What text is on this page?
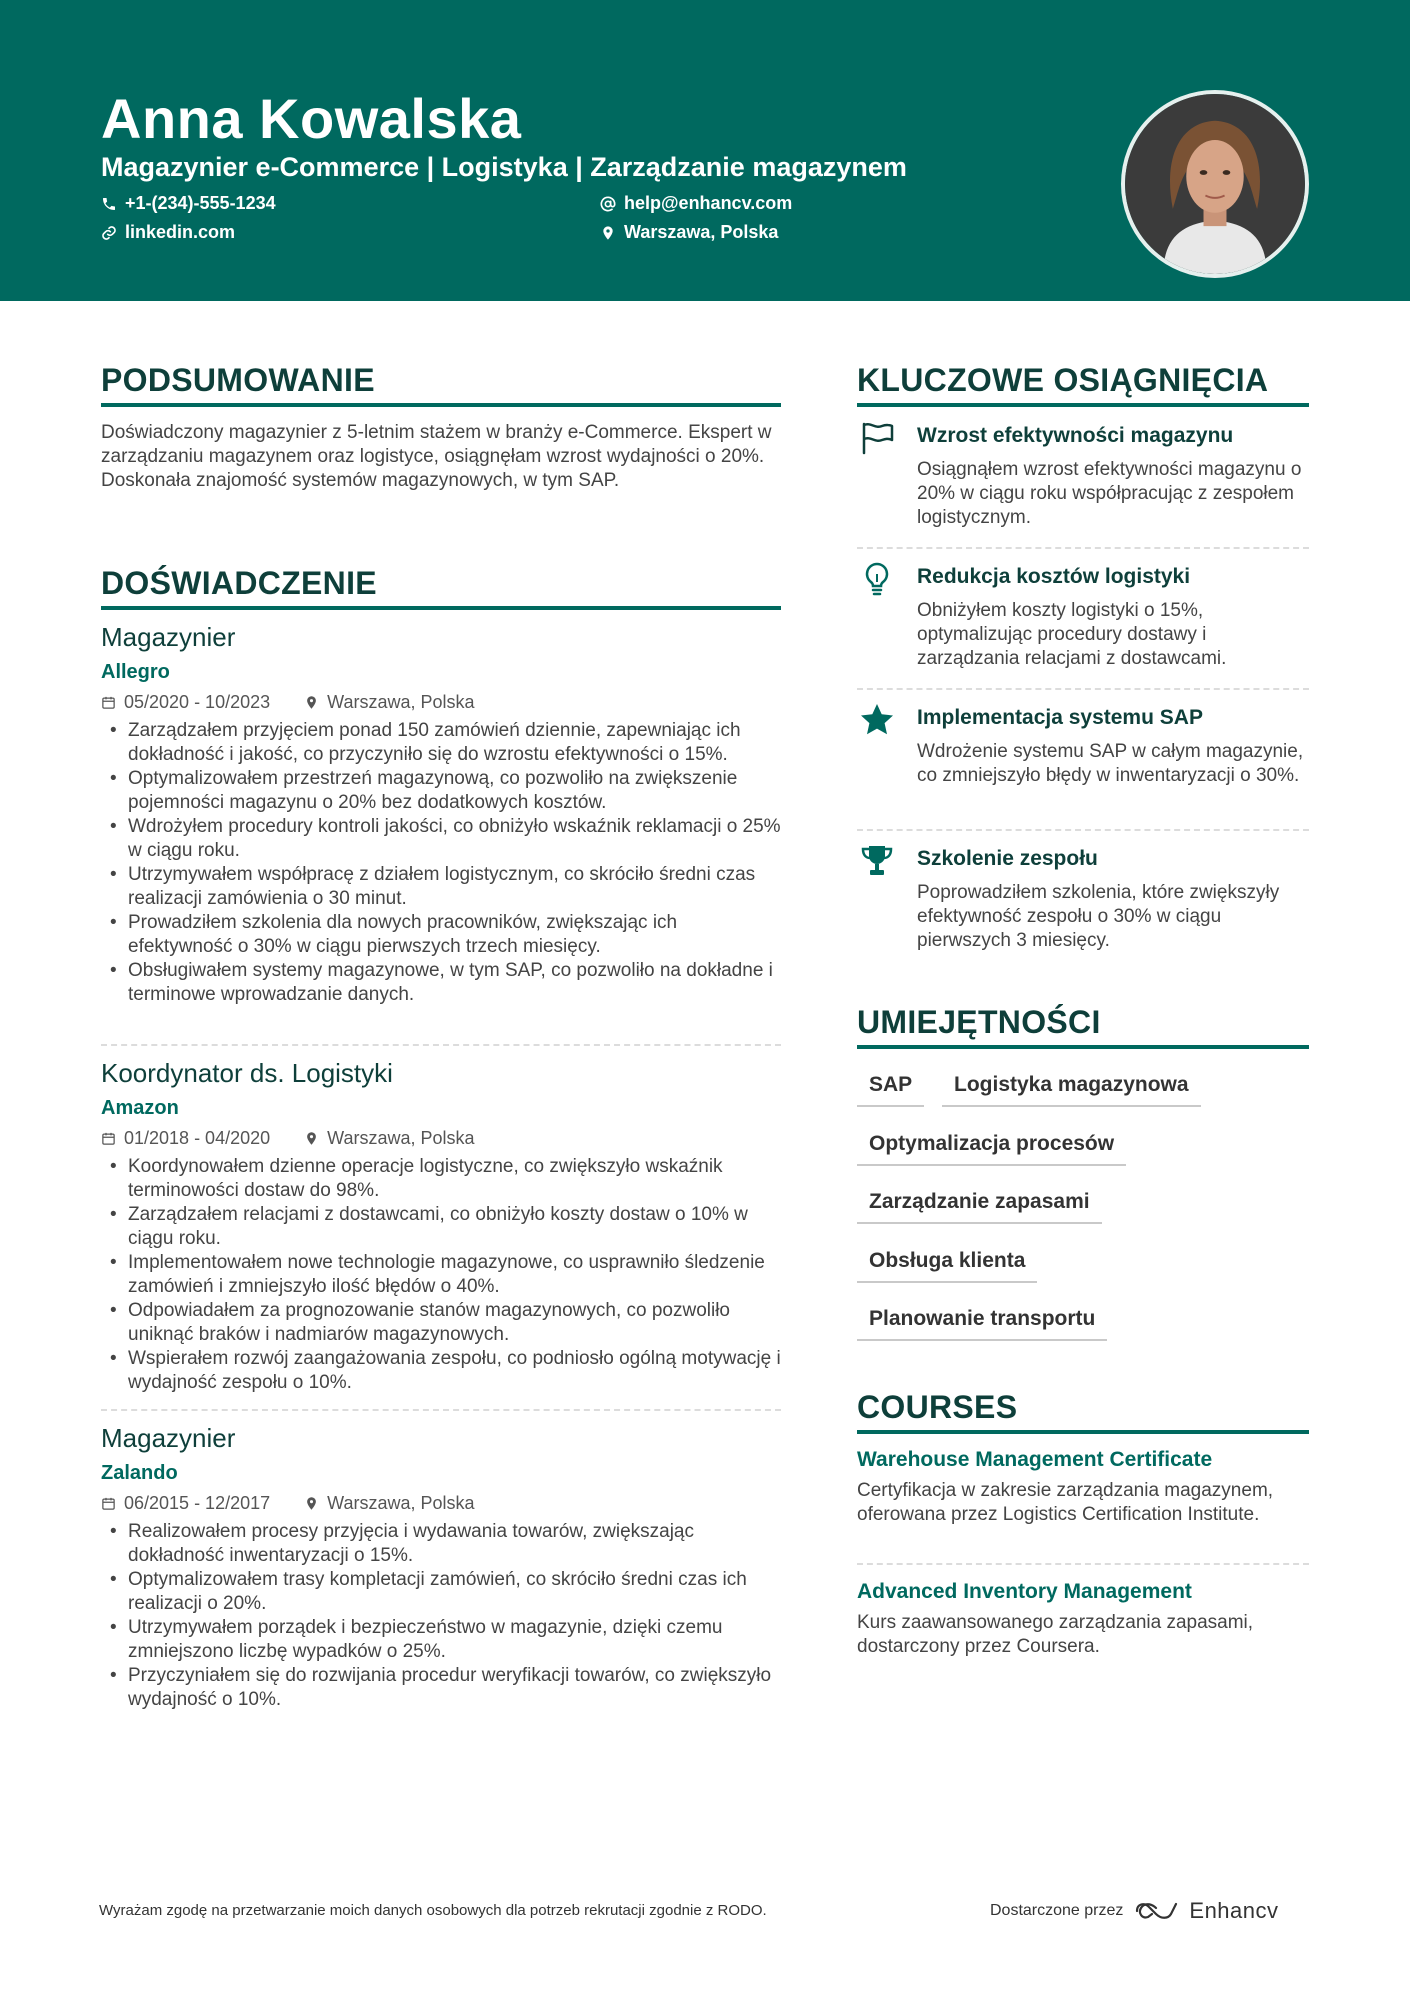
Anna Kowalska
Magazynier e-Commerce | Logistyka | Zarządzanie magazynem
+1-(234)-555-1234	help@enhancv.com
linkedin.com	Warszawa, Polska
PODSUMOWANIE
Doświadczony magazynier z 5-letnim stażem w branży e-Commerce. Ekspert w zarządzaniu magazynem oraz logistyce, osiągnęłam wzrost wydajności o 20%. Doskonała znajomość systemów magazynowych, w tym SAP.
DOŚWIADCZENIE
Magazynier
Allegro
05/2020 - 10/2023	Warszawa, Polska
• Zarządzałem przyjęciem ponad 150 zamówień dziennie, zapewniając ich dokładność i jakość, co przyczyniło się do wzrostu efektywności o 15%.
• Optymalizowałem przestrzeń magazynową, co pozwoliło na zwiększenie pojemności magazynu o 20% bez dodatkowych kosztów.
• Wdrożyłem procedury kontroli jakości, co obniżyło wskaźnik reklamacji o 25% w ciągu roku.
• Utrzymywałem współpracę z działem logistycznym, co skróciło średni czas realizacji zamówienia o 30 minut.
• Prowadziłem szkolenia dla nowych pracowników, zwiększając ich efektywność o 30% w ciągu pierwszych trzech miesięcy.
• Obsługiwałem systemy magazynowe, w tym SAP, co pozwoliło na dokładne i terminowe wprowadzanie danych.
Koordynator ds. Logistyki
Amazon
01/2018 - 04/2020	Warszawa, Polska
• Koordynowałem dzienne operacje logistyczne, co zwiększyło wskaźnik terminowości dostaw do 98%.
• Zarządzałem relacjami z dostawcami, co obniżyło koszty dostaw o 10% w ciągu roku.
• Implementowałem nowe technologie magazynowe, co usprawniło śledzenie zamówień i zmniejszyło ilość błędów o 40%.
• Odpowiadałem za prognozowanie stanów magazynowych, co pozwoliło uniknąć braków i nadmiarów magazynowych.
• Wspierałem rozwój zaangażowania zespołu, co podniosło ogólną motywację i wydajność zespołu o 10%.
Magazynier
Zalando
06/2015 - 12/2017	Warszawa, Polska
• Realizowałem procesy przyjęcia i wydawania towarów, zwiększając dokładność inwentaryzacji o 15%.
• Optymalizowałem trasy kompletacji zamówień, co skróciło średni czas ich realizacji o 20%.
• Utrzymywałem porządek i bezpieczeństwo w magazynie, dzięki czemu zmniejszono liczbę wypadków o 25%.
• Przyczyniałem się do rozwijania procedur weryfikacji towarów, co zwiększyło wydajność o 10%.
KLUCZOWE OSIĄGNIĘCIA
Wzrost efektywności magazynu
Osiągnąłem wzrost efektywności magazynu o 20% w ciągu roku współpracując z zespołem logistycznym.
Redukcja kosztów logistyki
Obniżyłem koszty logistyki o 15%, optymalizując procedury dostawy i zarządzania relacjami z dostawcami.
Implementacja systemu SAP
Wdrożenie systemu SAP w całym magazynie, co zmniejszyło błędy w inwentaryzacji o 30%.
Szkolenie zespołu
Poprowadziłem szkolenia, które zwiększyły efektywność zespołu o 30% w ciągu pierwszych 3 miesięcy.
UMIEJĘTNOŚCI
SAP	Logistyka magazynowa
Optymalizacja procesów
Zarządzanie zapasami
Obsługa klienta
Planowanie transportu
COURSES
Warehouse Management Certificate
Certyfikacja w zakresie zarządzania magazynem, oferowana przez Logistics Certification Institute.
Advanced Inventory Management
Kurs zaawansowanego zarządzania zapasami, dostarczony przez Coursera.
Wyrażam zgodę na przetwarzanie moich danych osobowych dla potrzeb rekrutacji zgodnie z RODO.	Dostarczone przez	Enhancv
